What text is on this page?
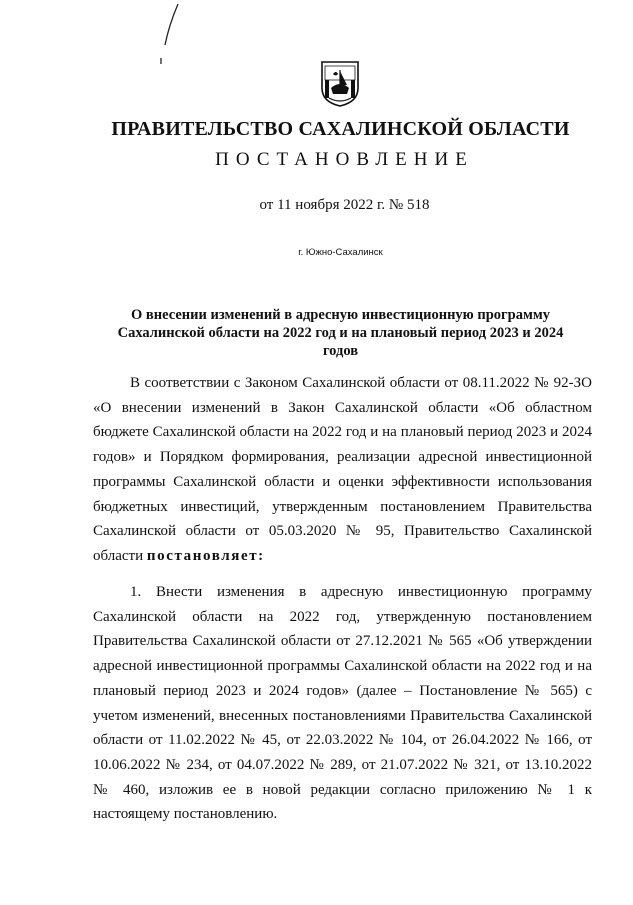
ПРАВИТЕЛЬСТВО САХАЛИНСКОЙ ОБЛАСТИ
ПОСТАНОВЛЕНИЕ
от 11 ноября 2022 г. № 518
г. Южно-Сахалинск
О внесении изменений в адресную инвестиционную программу
Сахалинской области на 2022 год и на плановый период 2023 и 2024
годов
В соответствии с Законом Сахалинской области от 08.11.2022 № 92-ЗО
«О внесении изменений в Закон Сахалинской области «Об областном
бюджете Сахалинской области на 2022 год и на плановый период 2023 и 2024
годов» и Порядком формирования, реализации адресной инвестиционной
программы Сахалинской области и оценки эффективности использования
бюджетных инвестиций, утвержденным постановлением Правительства
Сахалинской области от 05.03.2020 № 95, Правительство Сахалинской
области постановляет:
1. Внести изменения в адресную инвестиционную программу
Сахалинской области на 2022 год, утвержденную постановлением
Правительства Сахалинской области от 27.12.2021 № 565 «Об утверждении
адресной инвестиционной программы Сахалинской области на 2022 год и на
плановый период 2023 и 2024 годов» (далее – Постановление № 565) с
учетом изменений, внесенных постановлениями Правительства Сахалинской
области от 11.02.2022 № 45, от 22.03.2022 № 104, от 26.04.2022 № 166, от
10.06.2022 № 234, от 04.07.2022 № 289, от 21.07.2022 № 321, от 13.10.2022
№ 460, изложив ее в новой редакции согласно приложению № 1 к
настоящему постановлению.
